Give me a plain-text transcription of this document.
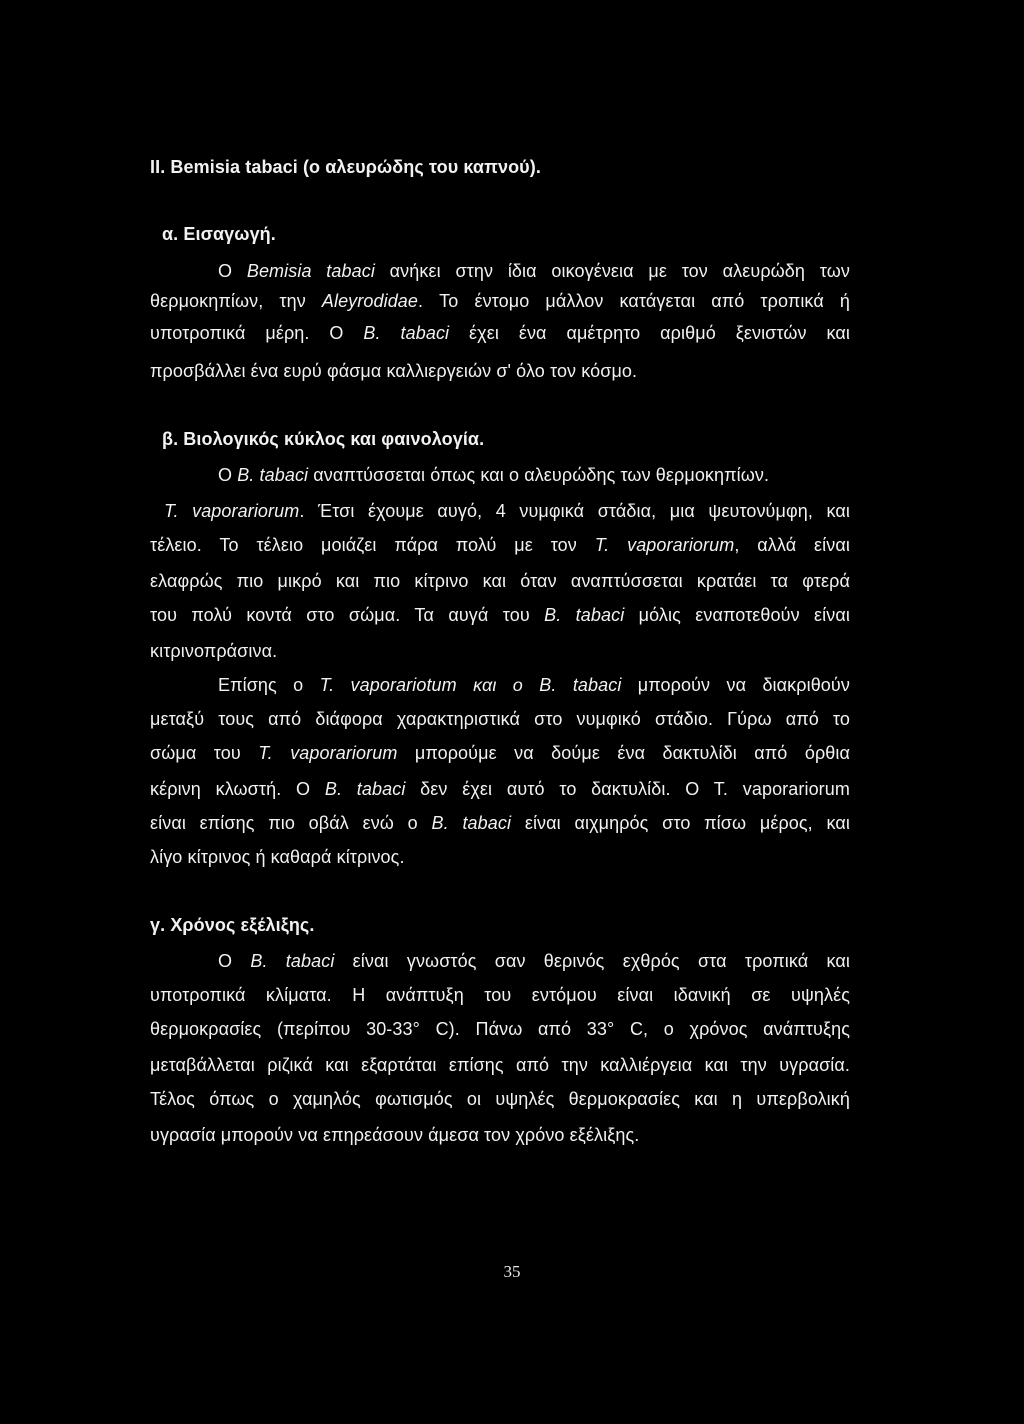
II. Bemisia tabaci (ο αλευρώδης του καπνού).
α. Εισαγωγή.
Ο Bemisia tabaci ανήκει στην ίδια οικογένεια με τον αλευρώδη των
θερμοκηπίων, την Aleyrodidae. Το έντομο μάλλον κατάγεται από τροπικά ή
υποτροπικά μέρη. Ο B. tabaci έχει ένα αμέτρητο αριθμό ξενιστών και
προσβάλλει ένα ευρύ φάσμα καλλιεργειών σ' όλο τον κόσμο.
β. Βιολογικός κύκλος και φαινολογία.
Ο B. tabaci αναπτύσσεται όπως και ο αλευρώδης των θερμοκηπίων.
T. vaporariorum. Έτσι έχουμε αυγό, 4 νυμφικά στάδια, μια ψευτονύμφη, και
τέλειο. Το τέλειο μοιάζει πάρα πολύ με τον T. vaporariorum, αλλά είναι
ελαφρώς πιο μικρό και πιο κίτρινο και όταν αναπτύσσεται κρατάει τα φτερά
του πολύ κοντά στο σώμα. Τα αυγά του B. tabaci μόλις εναποτεθούν είναι
κιτρινοπράσινα.
Επίσης ο T. vaporariotum και ο B. tabaci μπορούν να διακριθούν
μεταξύ τους από διάφορα χαρακτηριστικά στο νυμφικό στάδιο. Γύρω από το
σώμα του T. vaporariorum μπορούμε να δούμε ένα δακτυλίδι από όρθια
κέρινη κλωστή. Ο B. tabaci δεν έχει αυτό το δακτυλίδι. Ο Τ. vaporariorum
είναι επίσης πιο οβάλ ενώ ο B. tabaci είναι αιχμηρός στο πίσω μέρος, και
λίγο κίτρινος ή καθαρά κίτρινος.
γ. Χρόνος εξέλιξης.
Ο B. tabaci είναι γνωστός σαν θερινός εχθρός στα τροπικά και
υποτροπικά κλίματα. Η ανάπτυξη του εντόμου είναι ιδανική σε υψηλές
θερμοκρασίες (περίπου 30-33° C). Πάνω από 33° C, ο χρόνος ανάπτυξης
μεταβάλλεται ριζικά και εξαρτάται επίσης από την καλλιέργεια και την υγρασία.
Τέλος όπως ο χαμηλός φωτισμός οι υψηλές θερμοκρασίες και η υπερβολική
υγρασία μπορούν να επηρεάσουν άμεσα τον χρόνο εξέλιξης.
35
